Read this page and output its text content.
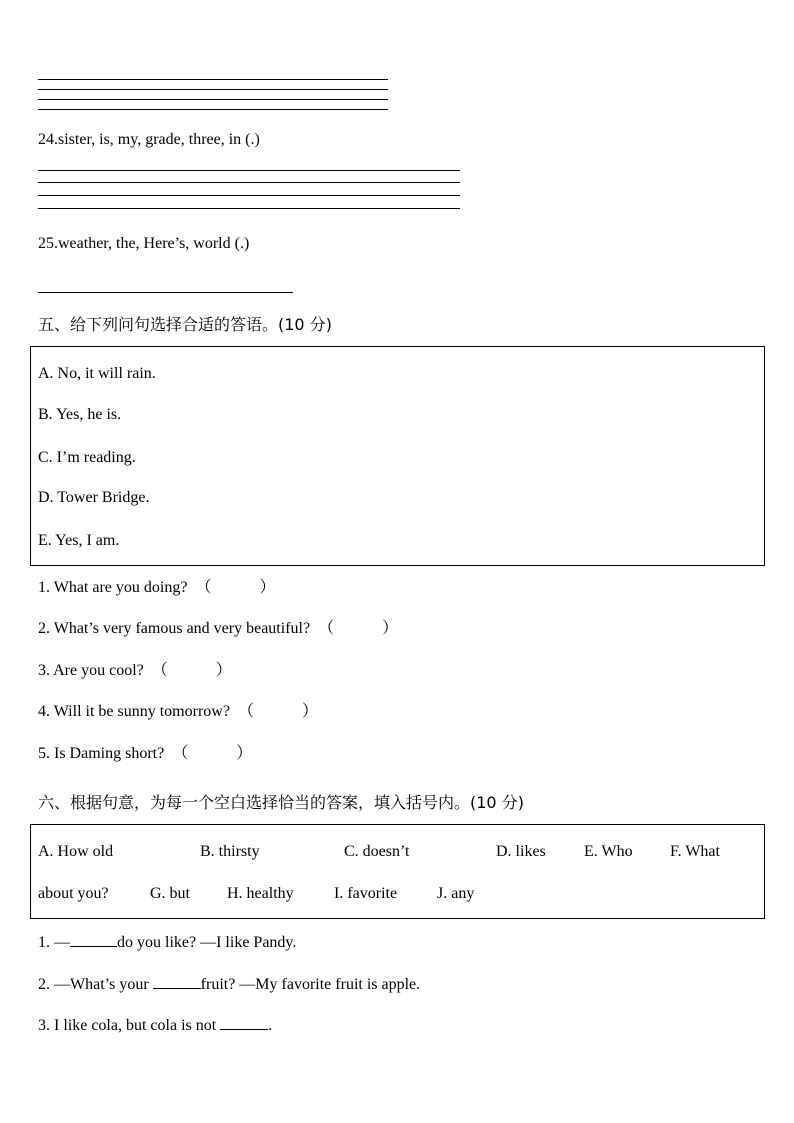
24.sister, is, my, grade, three, in (.)
25.weather, the, Here’s, world (.)
五、给下列问句选择合适的答语。(10 分)
A. No, it will rain.
B. Yes, he is.
C. I’m reading.
D. Tower Bridge.
E. Yes, I am.
1. What are you doing? （	）
2. What’s very famous and very beautiful? （	）
3. Are you cool? （	）
4. Will it be sunny tomorrow? （	）
5. Is Daming short? （	）
六、根据句意，为每一个空白选择恰当的答案，填入括号内。(10 分)
A. How old	B. thirsty	C. doesn’t	D. likes E. Who F. What
about you?	G. but H. healthy	I. favorite J. any
1. —	do you like? —I like Pandy.
2. —What’s your	fruit? —My favorite fruit is apple.
3. I like cola, but cola is not	.
